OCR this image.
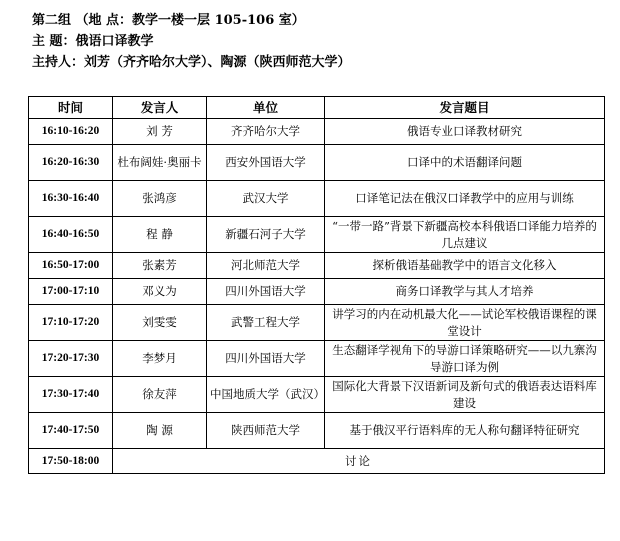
第二组 （地 点：教学一楼一层 105-106 室）
主 题：俄语口译教学
主持人：刘芳（齐齐哈尔大学）、陶源（陕西师范大学）
时间	发言人	单位	发言题目
16:10-16:20	刘 芳	齐齐哈尔大学	俄语专业口译教材研究
16:20-16:30	杜布阔娃·奥丽卡	西安外国语大学	口译中的术语翻译问题
16:30-16:40	张鸿彦	武汉大学	口译笔记法在俄汉口译教学中的应用与训练
16:40-16:50	程 静	新疆石河子大学	“一带一路”背景下新疆高校本科俄语口译能力培养的几点建议
16:50-17:00	张素芳	河北师范大学	探析俄语基础教学中的语言文化移入
17:00-17:10	邓义为	四川外国语大学	商务口译教学与其人才培养
17:10-17:20	刘雯雯	武警工程大学	讲学习的内在动机最大化——试论军校俄语课程的课堂设计
17:20-17:30	李梦月	四川外国语大学	生态翻译学视角下的导游口译策略研究——以九寨沟导游口译为例
17:30-17:40	徐友萍	中国地质大学（武汉）	国际化大背景下汉语新词及新句式的俄语表达语料库建设
17:40-17:50	陶 源	陕西师范大学	基于俄汉平行语料库的无人称句翻译特征研究
17:50-18:00	讨论		
